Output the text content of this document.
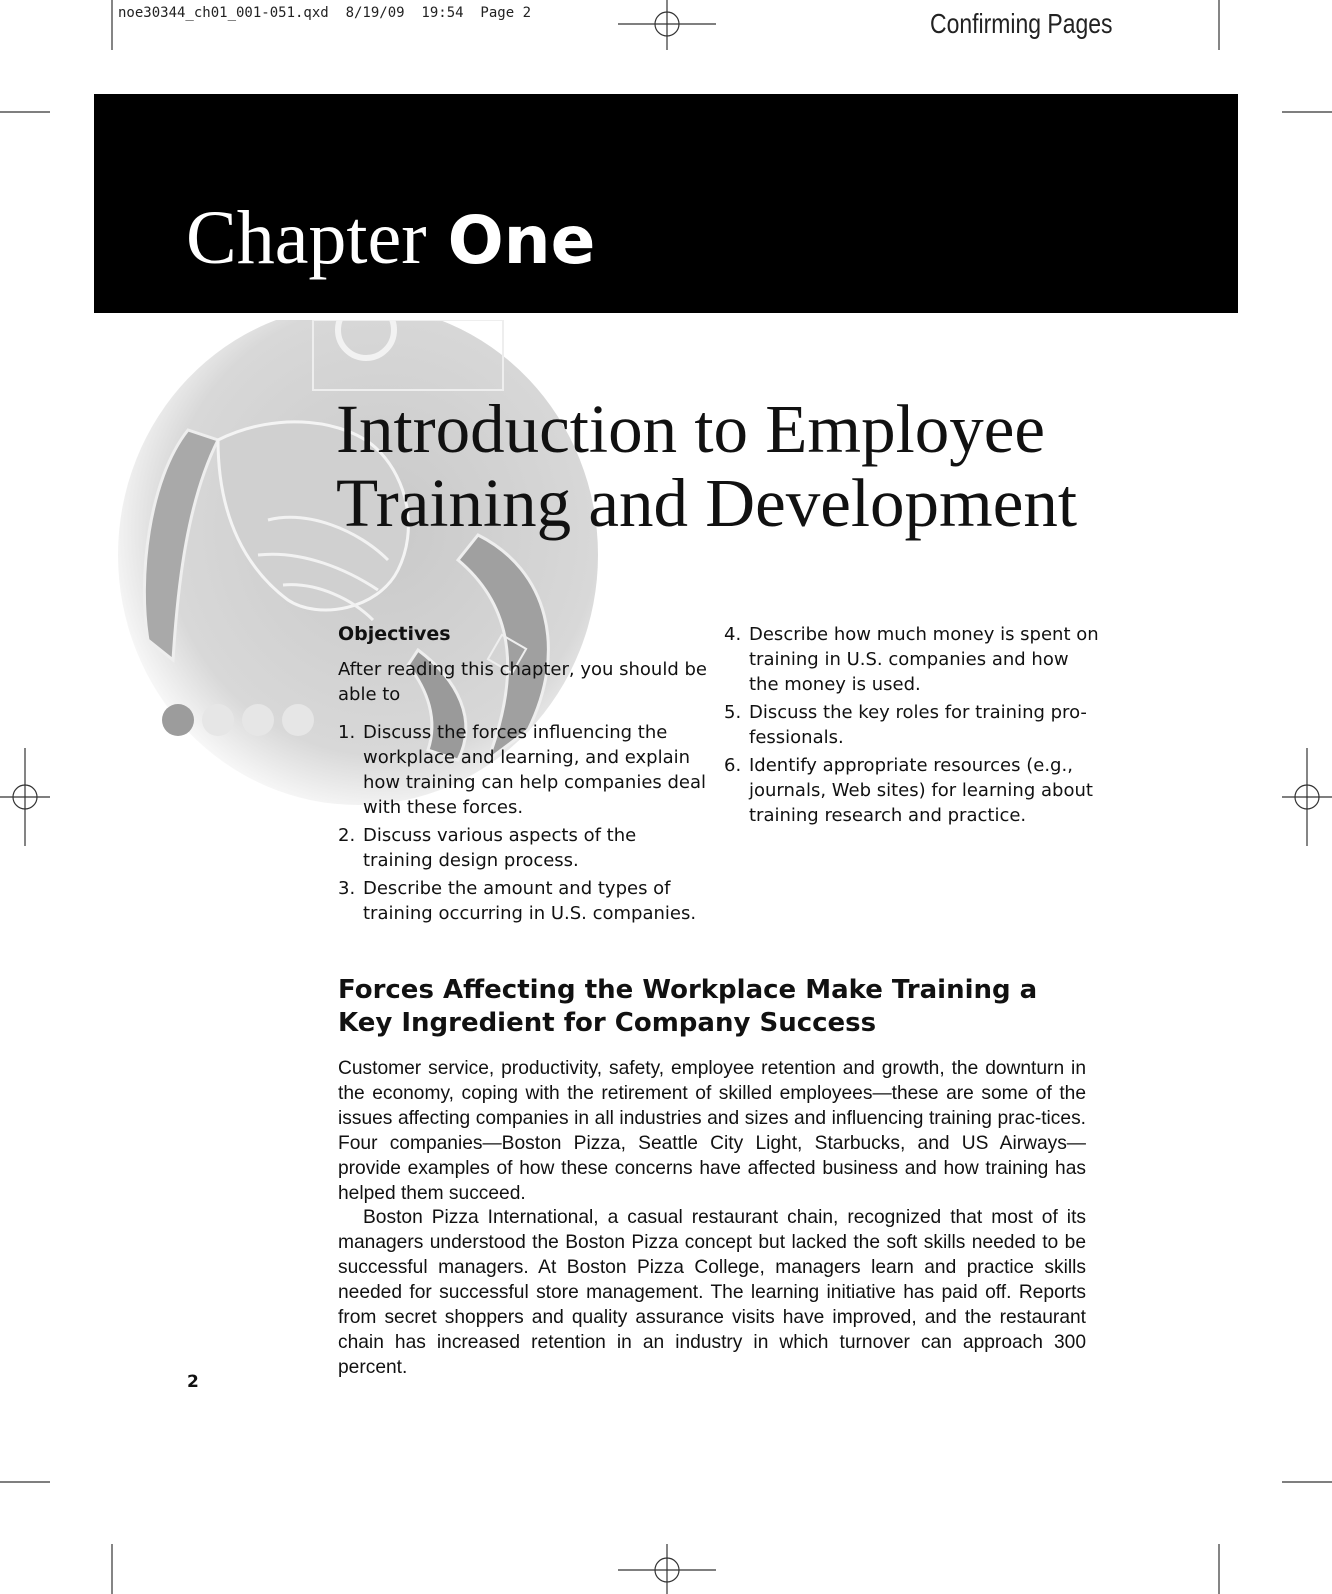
noe30344_ch01_001-051.qxd  8/19/09  19:54  Page 2	Confirming Pages
Chapter One
Introduction to Employee
Training and Development
Objectives
After reading this chapter, you should be able to
1. Discuss the forces influencing the workplace and learning, and explain how training can help companies deal with these forces.
2. Discuss various aspects of the training design process.
3. Describe the amount and types of training occurring in U.S. companies.
4. Describe how much money is spent on training in U.S. companies and how the money is used.
5. Discuss the key roles for training pro-fessionals.
6. Identify appropriate resources (e.g., journals, Web sites) for learning about training research and practice.
Forces Affecting the Workplace Make Training a Key Ingredient for Company Success

Customer service, productivity, safety, employee retention and growth, the downturn in the economy, coping with the retirement of skilled employees—these are some of the issues affecting companies in all industries and sizes and influencing training prac-tices. Four companies—Boston Pizza, Seattle City Light, Starbucks, and US Airways—provide examples of how these concerns have affected business and how training has helped them succeed.

Boston Pizza International, a casual restaurant chain, recognized that most of its managers understood the Boston Pizza concept but lacked the soft skills needed to be successful managers. At Boston Pizza College, managers learn and practice skills needed for successful store management. The learning initiative has paid off. Reports from secret shoppers and quality assurance visits have improved, and the restaurant chain has increased retention in an industry in which turnover can approach 300 percent.

2
